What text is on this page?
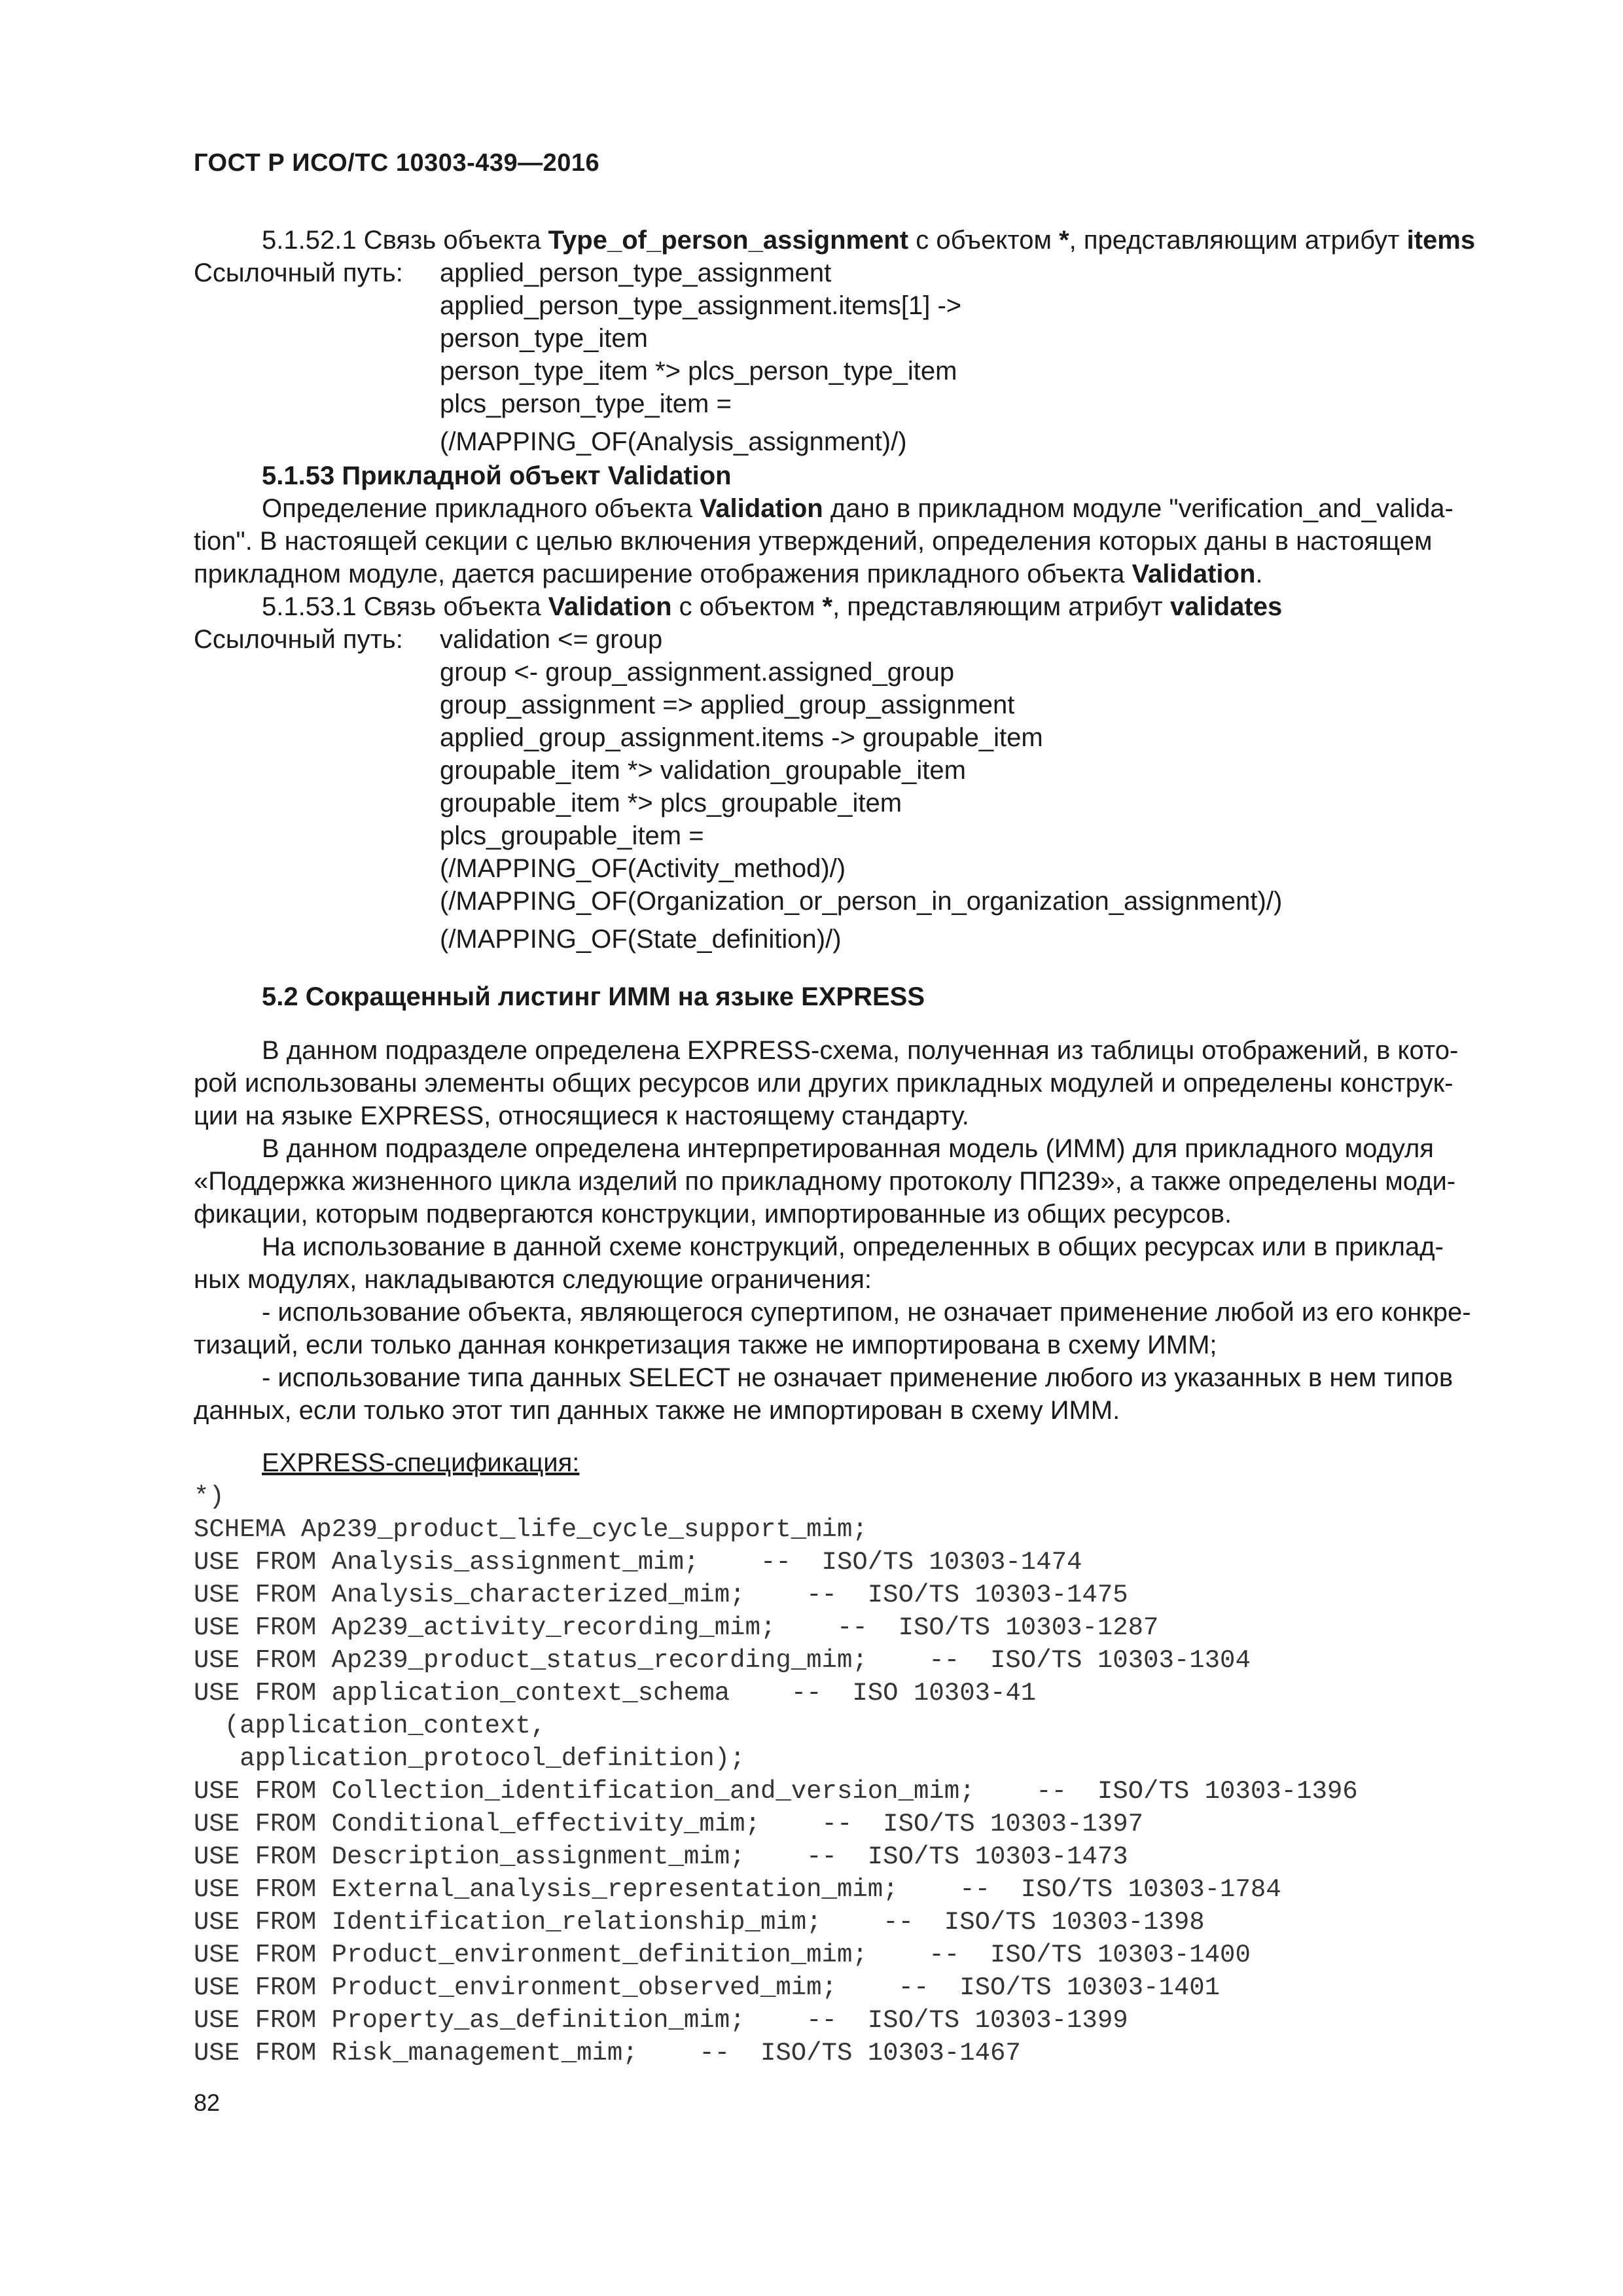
ГОСТ Р ИСО/ТС 10303-439—2016
5.1.52.1 Связь объекта Type_of_person_assignment с объектом *, представляющим атрибут items
Ссылочный путь: applied_person_type_assignment
applied_person_type_assignment.items[1] ->
person_type_item
person_type_item *> plcs_person_type_item
plcs_person_type_item =
(/MAPPING_OF(Analysis_assignment)/)
5.1.53 Прикладной объект Validation
Определение прикладного объекта Validation дано в прикладном модуле "verification_and_valida-
tion". В настоящей секции с целью включения утверждений, определения которых даны в настоящем
прикладном модуле, дается расширение отображения прикладного объекта Validation.
5.1.53.1 Связь объекта Validation с объектом *, представляющим атрибут validates
Ссылочный путь: validation <= group
group <- group_assignment.assigned_group
group_assignment => applied_group_assignment
applied_group_assignment.items -> groupable_item
groupable_item *> validation_groupable_item
groupable_item *> plcs_groupable_item
plcs_groupable_item =
(/MAPPING_OF(Activity_method)/)
(/MAPPING_OF(Organization_or_person_in_organization_assignment)/)
(/MAPPING_OF(State_definition)/)
5.2 Сокращенный листинг ИММ на языке EXPRESS
В данном подразделе определена EXPRESS-схема, полученная из таблицы отображений, в кото-
рой использованы элементы общих ресурсов или других прикладных модулей и определены конструк-
ции на языке EXPRESS, относящиеся к настоящему стандарту.
В данном подразделе определена интерпретированная модель (ИММ) для прикладного модуля
«Поддержка жизненного цикла изделий по прикладному протоколу ПП239», а также определены моди-
фикации, которым подвергаются конструкции, импортированные из общих ресурсов.
На использование в данной схеме конструкций, определенных в общих ресурсах или в приклад-
ных модулях, накладываются следующие ограничения:
- использование объекта, являющегося супертипом, не означает применение любой из его конкре-
тизаций, если только данная конкретизация также не импортирована в схему ИММ;
- использование типа данных SELECT не означает применение любого из указанных в нем типов
данных, если только этот тип данных также не импортирован в схему ИММ.
EXPRESS-спецификация:
*)
SCHEMA Ap239_product_life_cycle_support_mim;
USE FROM Analysis_assignment_mim;    --  ISO/TS 10303-1474
USE FROM Analysis_characterized_mim;    --  ISO/TS 10303-1475
USE FROM Ap239_activity_recording_mim;    --  ISO/TS 10303-1287
USE FROM Ap239_product_status_recording_mim;    --  ISO/TS 10303-1304
USE FROM application_context_schema    --  ISO 10303-41
(application_context,
application_protocol_definition);
USE FROM Collection_identification_and_version_mim;    --  ISO/TS 10303-1396
USE FROM Conditional_effectivity_mim;    --  ISO/TS 10303-1397
USE FROM Description_assignment_mim;    --  ISO/TS 10303-1473
USE FROM External_analysis_representation_mim;    --  ISO/TS 10303-1784
USE FROM Identification_relationship_mim;    --  ISO/TS 10303-1398
USE FROM Product_environment_definition_mim;    --  ISO/TS 10303-1400
USE FROM Product_environment_observed_mim;    --  ISO/TS 10303-1401
USE FROM Property_as_definition_mim;    --  ISO/TS 10303-1399
USE FROM Risk_management_mim;    --  ISO/TS 10303-1467
82
